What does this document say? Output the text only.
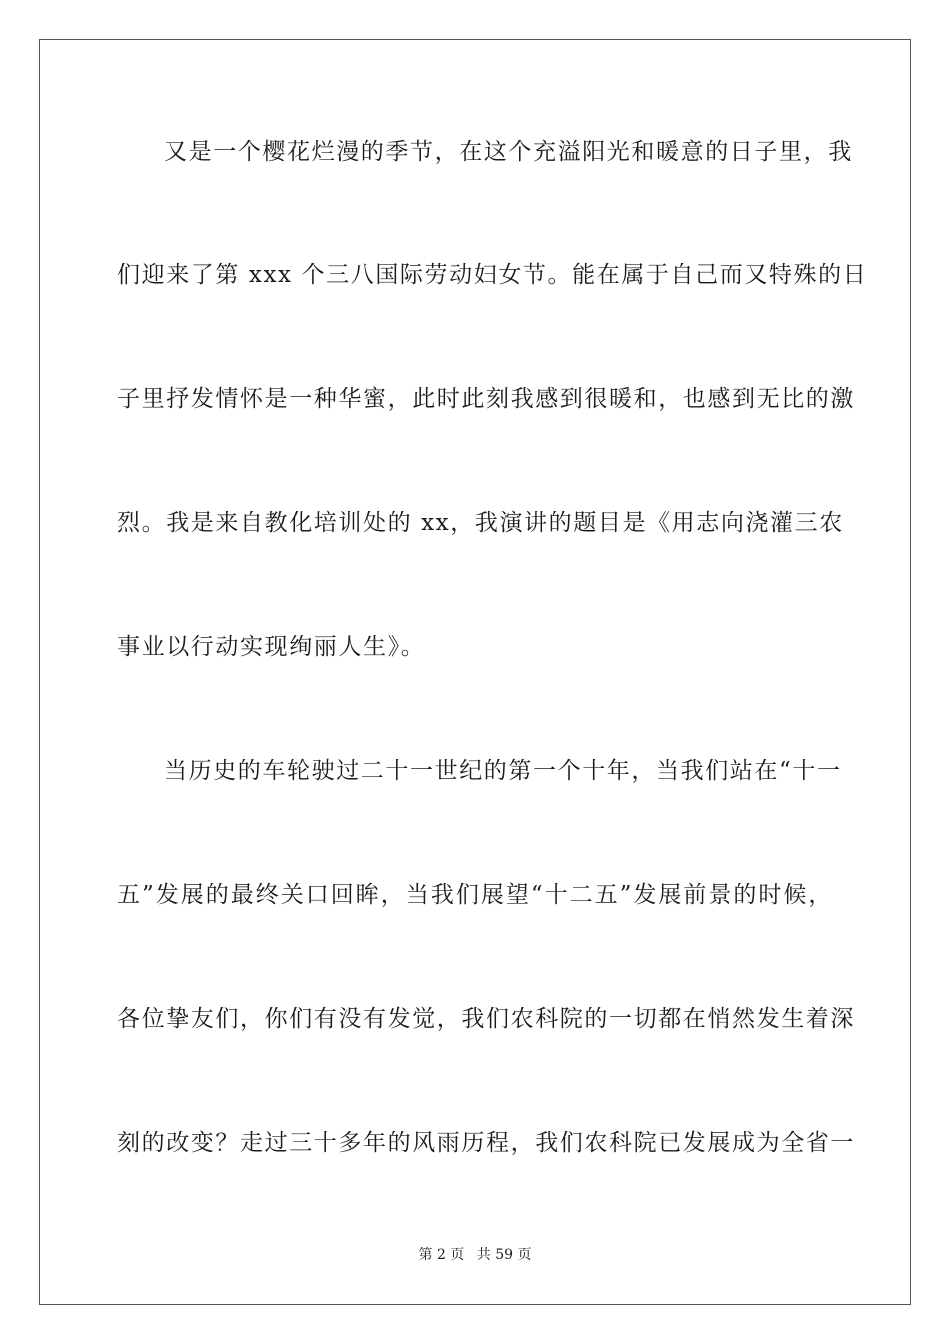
又是一个樱花烂漫的季节，在这个充溢阳光和暖意的日子里，我
们迎来了第 xxx 个三八国际劳动妇女节。能在属于自己而又特殊的日
子里抒发情怀是一种华蜜，此时此刻我感到很暖和，也感到无比的激
烈。我是来自教化培训处的 xx，我演讲的题目是《用志向浇灌三农
事业以行动实现绚丽人生》。
当历史的车轮驶过二十一世纪的第一个十年，当我们站在“十一
五”发展的最终关口回眸，当我们展望“十二五”发展前景的时候，
各位挚友们，你们有没有发觉，我们农科院的一切都在悄然发生着深
刻的改变？走过三十多年的风雨历程，我们农科院已发展成为全省一
第 2 页 共 59 页
